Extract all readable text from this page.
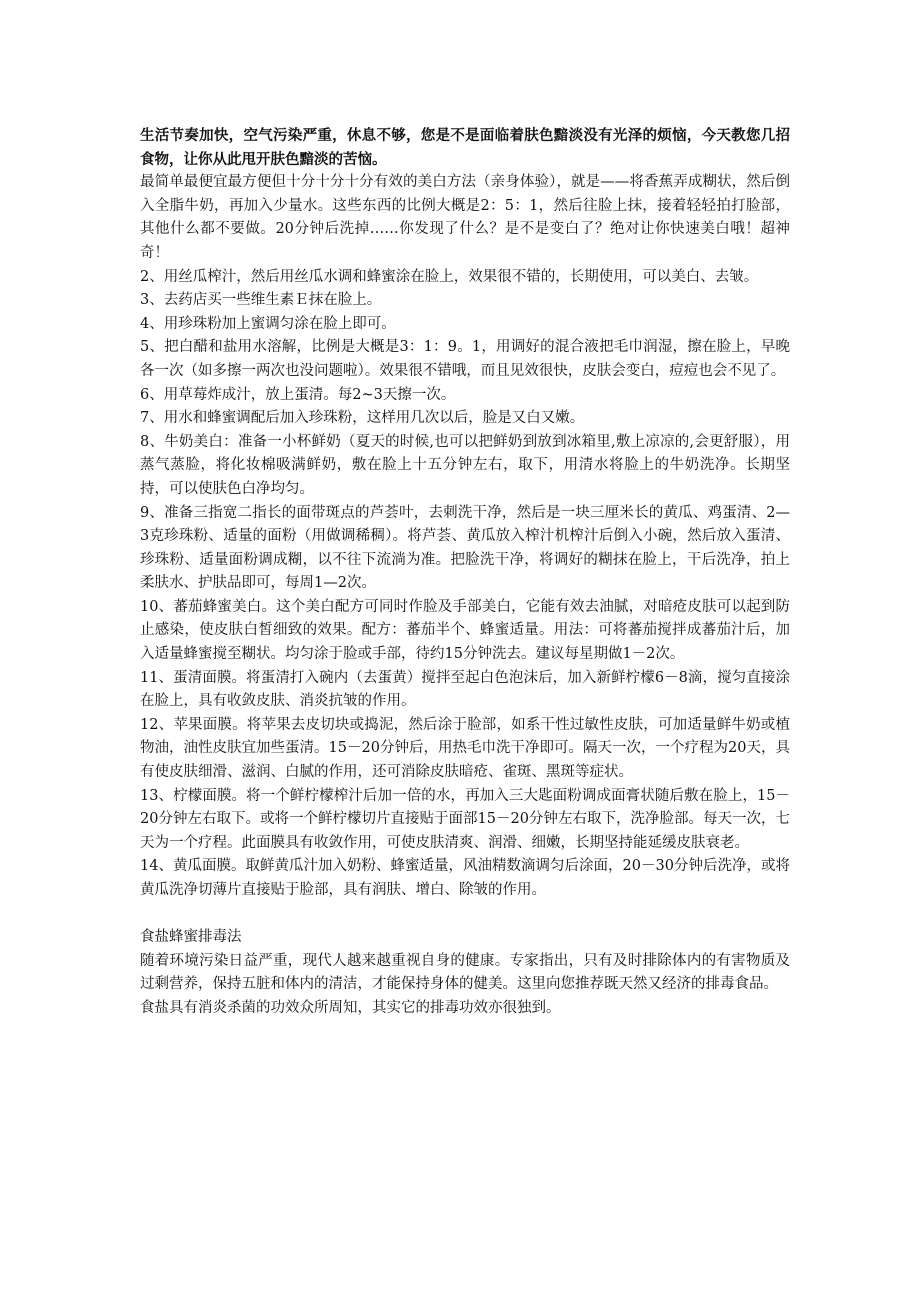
生活节奏加快，空气污染严重，休息不够，您是不是面临着肤色黯淡没有光泽的烦恼，今天教您几招食物，让你从此甩开肤色黯淡的苦恼。

最简单最便宜最方便但十分十分十分有效的美白方法（亲身体验），就是——将香蕉弄成糊状，然后倒入全脂牛奶，再加入少量水。这些东西的比例大概是2：5：1，然后往脸上抹，接着轻轻拍打脸部，其他什么都不要做。20分钟后洗掉……你发现了什么？是不是变白了？绝对让你快速美白哦！超神奇！

2、用丝瓜榨汁，然后用丝瓜水调和蜂蜜涂在脸上，效果很不错的，长期使用，可以美白、去皱。

3、去药店买一些维生素Ｅ抹在脸上。

4、用珍珠粉加上蜜调匀涂在脸上即可。

5、把白醋和盐用水溶解，比例是大概是3：1：9。1，用调好的混合液把毛巾润湿，擦在脸上，早晚各一次（如多擦一两次也没问题啦）。效果很不错哦，而且见效很快，皮肤会变白，痘痘也会不见了。

6、用草莓炸成汁，放上蛋清。每2~3天擦一次。

7、用水和蜂蜜调配后加入珍珠粉，这样用几次以后，脸是又白又嫩。

8、牛奶美白：准备一小杯鲜奶（夏天的时候,也可以把鲜奶到放到冰箱里,敷上凉凉的,会更舒服），用蒸气蒸脸，将化妆棉吸满鲜奶，敷在脸上十五分钟左右，取下，用清水将脸上的牛奶洗净。长期坚持，可以使肤色白净均匀。

9、准备三指宽二指长的面带斑点的芦荟叶，去刺洗干净，然后是一块三厘米长的黄瓜、鸡蛋清、2—3克珍珠粉、适量的面粉（用做调稀稠）。将芦荟、黄瓜放入榨汁机榨汁后倒入小碗，然后放入蛋清、珍珠粉、适量面粉调成糊，以不往下流淌为准。把脸洗干净，将调好的糊抹在脸上，干后洗净，拍上柔肤水、护肤品即可，每周1—2次。

10、蕃茄蜂蜜美白。这个美白配方可同时作脸及手部美白，它能有效去油腻，对暗疮皮肤可以起到防止感染，使皮肤白皙细致的效果。配方：蕃茄半个、蜂蜜适量。用法：可将蕃茄搅拌成蕃茄汁后，加入适量蜂蜜搅至糊状。均匀涂于脸或手部，待约15分钟洗去。建议每星期做1－2次。

11、蛋清面膜。将蛋清打入碗内（去蛋黄）搅拌至起白色泡沫后，加入新鲜柠檬6－8滴，搅匀直接涂在脸上，具有收敛皮肤、消炎抗皱的作用。

12、苹果面膜。将苹果去皮切块或捣泥，然后涂于脸部，如系干性过敏性皮肤，可加适量鲜牛奶或植物油，油性皮肤宜加些蛋清。15－20分钟后，用热毛巾洗干净即可。隔天一次，一个疗程为20天，具有使皮肤细滑、滋润、白腻的作用，还可消除皮肤暗疮、雀斑、黑斑等症状。

13、柠檬面膜。将一个鲜柠檬榨汁后加一倍的水，再加入三大匙面粉调成面膏状随后敷在脸上，15－20分钟左右取下。或将一个鲜柠檬切片直接贴于面部15－20分钟左右取下，洗净脸部。每天一次，七天为一个疗程。此面膜具有收敛作用，可使皮肤清爽、润滑、细嫩，长期坚持能延缓皮肤衰老。

14、黄瓜面膜。取鲜黄瓜汁加入奶粉、蜂蜜适量，风油精数滴调匀后涂面，20－30分钟后洗净，或将黄瓜洗净切薄片直接贴于脸部，具有润肤、增白、除皱的作用。

食盐蜂蜜排毒法

随着环境污染日益严重，现代人越来越重视自身的健康。专家指出，只有及时排除体内的有害物质及过剩营养，保持五脏和体内的清洁，才能保持身体的健美。这里向您推荐既天然又经济的排毒食品。

食盐具有消炎杀菌的功效众所周知，其实它的排毒功效亦很独到。
